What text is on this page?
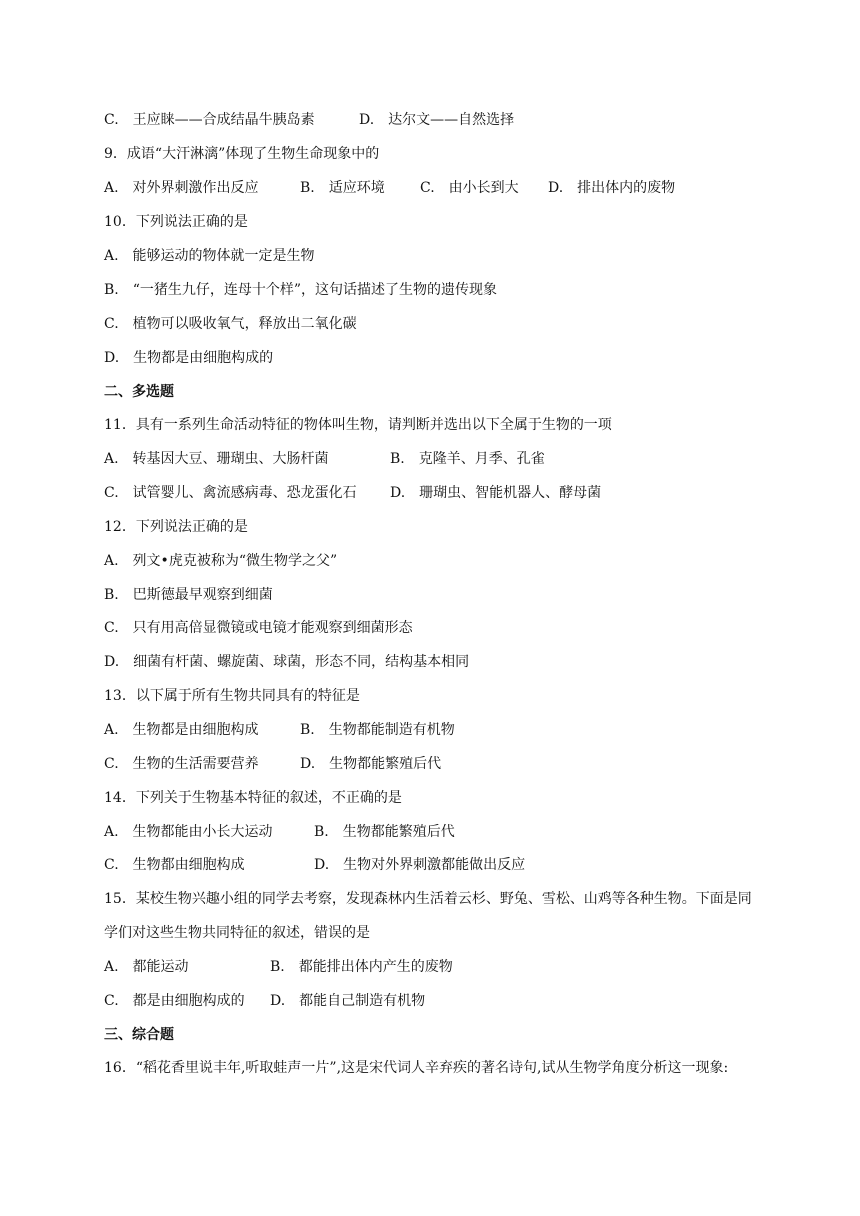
C.　王应睐——合成结晶牛胰岛素	D.　达尔文——自然选择
9．成语“大汗淋漓”体现了生物生命现象中的
A.　对外界刺激作出反应	B.　适应环境	C.　由小长到大	D.　排出体内的废物
10．下列说法正确的是
A.　能够运动的物体就一定是生物
B.　“一猪生九仔，连母十个样”，这句话描述了生物的遗传现象
C.　植物可以吸收氧气，释放出二氧化碳
D.　生物都是由细胞构成的
二、多选题
11．具有一系列生命活动特征的物体叫生物，请判断并选出以下全属于生物的一项
A.　转基因大豆、珊瑚虫、大肠杆菌	B.　克隆羊、月季、孔雀
C.　试管婴儿、禽流感病毒、恐龙蛋化石	D.　珊瑚虫、智能机器人、酵母菌
12．下列说法正确的是
A.　列文•虎克被称为“微生物学之父”
B.　巴斯德最早观察到细菌
C.　只有用高倍显微镜或电镜才能观察到细菌形态
D.　细菌有杆菌、螺旋菌、球菌，形态不同，结构基本相同
13．以下属于所有生物共同具有的特征是
A.　生物都是由细胞构成	B.　生物都能制造有机物
C.　生物的生活需要营养	D.　生物都能繁殖后代
14．下列关于生物基本特征的叙述，不正确的是
A.　生物都能由小长大运动	B.　生物都能繁殖后代
C.　生物都由细胞构成	D.　生物对外界刺激都能做出反应
15．某校生物兴趣小组的同学去考察，发现森林内生活着云杉、野兔、雪松、山鸡等各种生物。下面是同学们对这些生物共同特征的叙述，错误的是
A.　都能运动	B.　都能排出体内产生的废物
C.　都是由细胞构成的	D.　都能自己制造有机物
三、综合题
16．“稻花香里说丰年,听取蛙声一片”,这是宋代词人辛弃疾的著名诗句,试从生物学角度分析这一现象:
